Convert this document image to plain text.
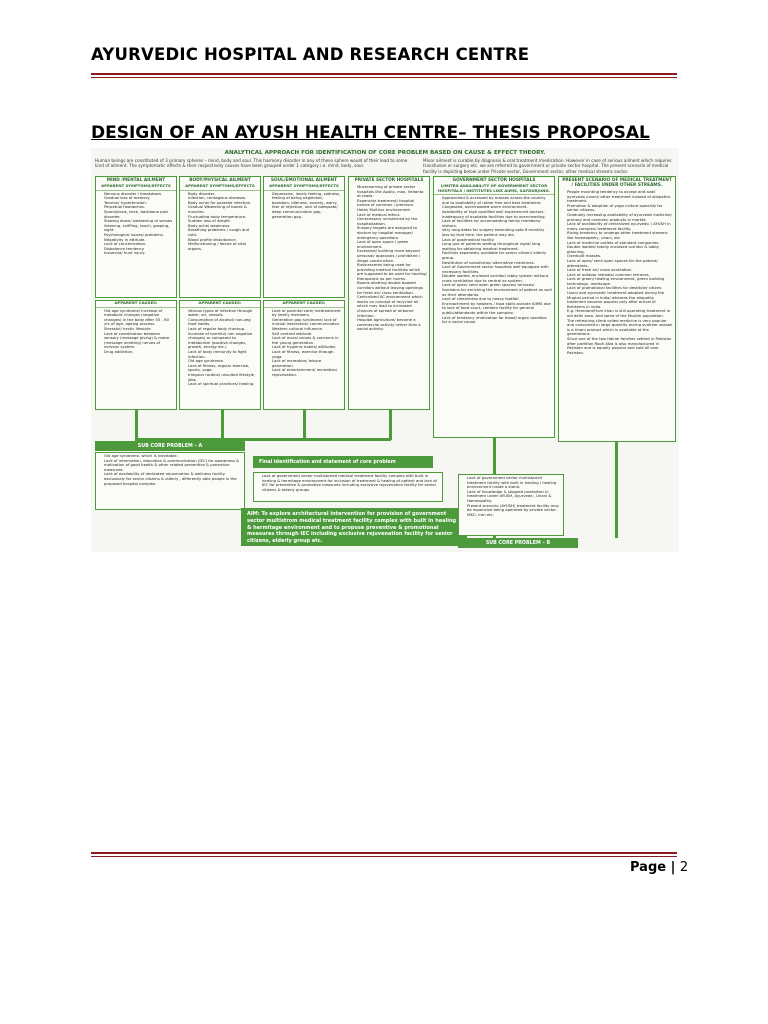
AYURVEDIC HOSPITAL AND RESEARCH CENTRE
DESIGN OF AN AYUSH HEALTH CENTRE– THESIS PROPOSAL
ANALYTICAL APPROACH FOR IDENTIFICATION OF CORE PROBLEM BASED ON CAUSE & EFFECT THEORY.
Human beings are constituted of 3 primary spheres – mind, body and soul. This harmony disorder in any of these sphere would of their lead to some kind of ailment. The symptomatic effects & their respectively causes have been grouped under 1 category i.e. mind, body, soul.
Minor ailment is curable by diagnosis & oral treatment /medication. However in case of serious ailment which requires transfusion or surgery etc. we are referred to government or private sector hospital. The present scenario of medical facility is depicting below under Private sector, Government sector, other medical streams sector.
MIND /MENTAL AILMENT
APPARENT SYMPTOMS/EFFECTS
• Nervous disorder / breakdown.
• Gradual loss of memory.
• Tension/ hypertension.
• Perpetual headaches.
• Spondylosis, neck, backbone pain disorder.
• Slowing down/ weakening of senses listening, sniffling, touch, gasping, sight.
• Psychological issues/ problems.
• Negativity in attitude.
• Lack of concentration.
• Disbalance tendency.
• Insomnia/ hunt injury.
APPARENT CAUSES:
• Old age syndrome/ increase of metabolic changes (negative changes) in the body after 55 - 60 yrs of age- ageing process.
• Stressful/ hectic lifestyle.
• Lack of coordination between sensory (message giving) & motor (message omitting) nerves of nervous system.
• Drug addiction.
BODY/PHYSICAL AILMENT
APPARENT SYMPTOMS/EFFECTS
• Body disorder.
• Infection, contagious diseases.
• Body ache/ for parasite infection.
• Gradual Weakening of bones & muscles.
• Fluctuating body temperature.
• Sudden loss of weight.
• Body ache/ weakness.
• Breathing problems / cough and cold.
• Blood profile disturbance.
• Malfunctioning / failure of vital organs.
APPARENT CAUSES:
• Various types of infection through water, air, vessels.
• Consumption of alcohol/ non-veg food habits.
• Lack of regular body checkup.
• Increase of harmful/ non negative changes) or compared to metabolism (positive changes, growth, energy etc.)
• Lack of body immunity to fight infection.
• Old age syndrome.
• Lack of fitness, regular exercise, sports, yoga.
• Irregular routine/ unsuited lifestyle, jobs.
• Lack of spiritual practices/ healing.
SOUL/EMOTIONAL AILMENT
APPARENT SYMPTOMS/EFFECTS
• Depression, lonely feeling, sadness, feeling of being neglected, boredom, idleness, anxiety, worry, fear of rejection, lack of adequate/ deep communication gap, generation gap.
APPARENT CAUSES:
• Lack of parental care/ maltreatment by family members.
• Generation gap syndrome/ lack of mutual interaction/ communication.
• Western cultural influence.
• Self centred attitude.
• Lack of moral values & concerns in the young generation.
• Lack of hygienic habits/ attitudes.
• Lack of fitness, exercise through yoga.
• Lack of recreation/ leisure generation.
• Lack of entertainment/ recreation/ rejuvenation.
PRIVATE SECTOR HOSPITALS
• Mushrooming of private sector hospitals like Apollo, max, Vedanta at roads.
• Expensive treatment/ hospital names of common / premium.
• Hotel/ Multilux environment.
• Lack of medical ethics.
• Unnecessary unmatched by the hospitalization.
• Surgery targets are assigned to doctors by hospital manager/ emergency operators.
• Lack of open space / green environment.
• Excessive/ building more beyond personal/ approvals / prohibited / illegal construction.
• Businessmen being used for providing medical facilities which are supposed to be used for healing/ therapeutic as per norms.
• Rooms allotting double booked corridors without leaving openings for fresh air/ cross ventilation.
• Centralized AC environment which works on concept of recycled air which may lead to increased chances of spread of airborne infection.
• Hospital agriculture/ become a commercial activity rather than a social activity.
GOVERNMENT SECTOR HOSPITALS
LIMITED AVAILABILITY OF GOVERNMENT SECTOR HOSPITALS / INSTITUTES LIKE AIIMS, SAFDURJUNG.
• Approached & accessed by masses across the country due to availability of rather free and best treatment.
• Congested, overcrowded warm environment.
• Availability of high qualified well experienced doctors.
• Inadequacy of available facilities due to overcrowding.
• Lack of facilities for accomodating family members/ visitors.
• Very long dates for surgery extending upto 6 months/ less by that time, the patient may die.
• Lack of postmedical facility.
• Long que of patients waiting throughout night/ long waiting for obtaining medical treatment.
• Facilities seperately available for senior citizen/ elderly group.
• Destitution of substitutes/ alternative medicines.
• Lack of Government sector hospitals well equipped with necessary facilities.
• Double loaded, enclosed corridor/ lobby system without cross ventilation due to central ac system.
• Lack of open/ semi open green spaces/ terraces/ fountains for enriching the environment of patient as well as their attendants.
• Lack of cleanliness due to heavy footfall.
• Encroachment by hawkers / food stalls outside AIIMS due to lack of food court, canteen facility for general public/attendants within the complex.
• Lack of tendency /motivation for blood/ organ donation for a social cause.
PRESENT SCENARIO OF MEDICAL TREATMENT / FACILITIES UNDER OTHER STREAMS.
• People mounting tendency to accept and avail ayurveda /unani/ other treatment instead of allopathic treatment.
• Promotion & adoption of yoga culture specially for senior citizens.
• Gradually increasing availability of ayurveda medicine/ primary and cosmetic products in market.
• Lack of availability of centralized ayurvedic / AYUSH in many complex/ treatment facility.
• Rising tendency to undergo other treatment streams like homeopathy, unani, etc.
• Lack of medicine outlets of standard companies.
• Double loaded/ totally enclosed corridor & lobby planning.
• Overbuilt masses.
• Lack of open/ semi open spaces for the patient/ attendants.
• Lack of fresh air/ cross ventilation.
• Lack of outdoor retreats/ common terraces.
• Lack of green/ healing environment, green building technology, landscape.
• Lack of promotional facilities for destitute/ citizen.
• Unani and ayurvedic treatment adopted during the Mughal period in India/ whereas the allopathy treatment become popular only after arrival of Britishers in india.
• E.g. Hamdard/Hum khan is still operating treatment in old delhi area. And some of the Muslim population.
• The refreshing climb called medicine is very popular and consumed in large quantity during summer season is a Unani product which is available at the generations.
• Since one of the two Hakim families settled in Pakistan after partition Rooh Afza is also manufactured in Pakistan and is equally popular and sold all over Pakistan.
SUB CORE PROBLEM – A
• Old age syndrome- which is inevitable.
• Lack of information, education & communication (IEC) for awareness & motivation of good health & other related preventive & promotive measures.
• Lack of availability of dedicated rejuvenation & wellness facility exclusively for senior citizens & elderly , differently able people in the proposed hospital complex.
Final identification and statement of core problem
• Lack of government sector multistoried medical treatment facility complex with built in healing & hermitage environment for inclusion of treatment & healing of patient and lack of IEC for preventive & promotive measures including exclusive rejuvenation facility for senior citizens & elderly groups.
AIM: To explore architectural intervention for provision of government sector multistrom medical treatment facility complex with built in healing & hermitage environment and to propose preventive & promotional measures through IEC including exclusive rejuvenation facility for senior citizens, elderly group etc.	SUB CORE PROBLEM – B
• Lack of government sector multistoried treatment facility with built in healing / healing environment inside a stand.
• Lack of knowledge & stopped promotion in treatment under AYUSH, Ayurveda , Unani & Homeopathy.
• Present scenario (AYUSH) treatment facility may be expensive being operated by private sector. ISKO, Iran etc.
Page | 2
